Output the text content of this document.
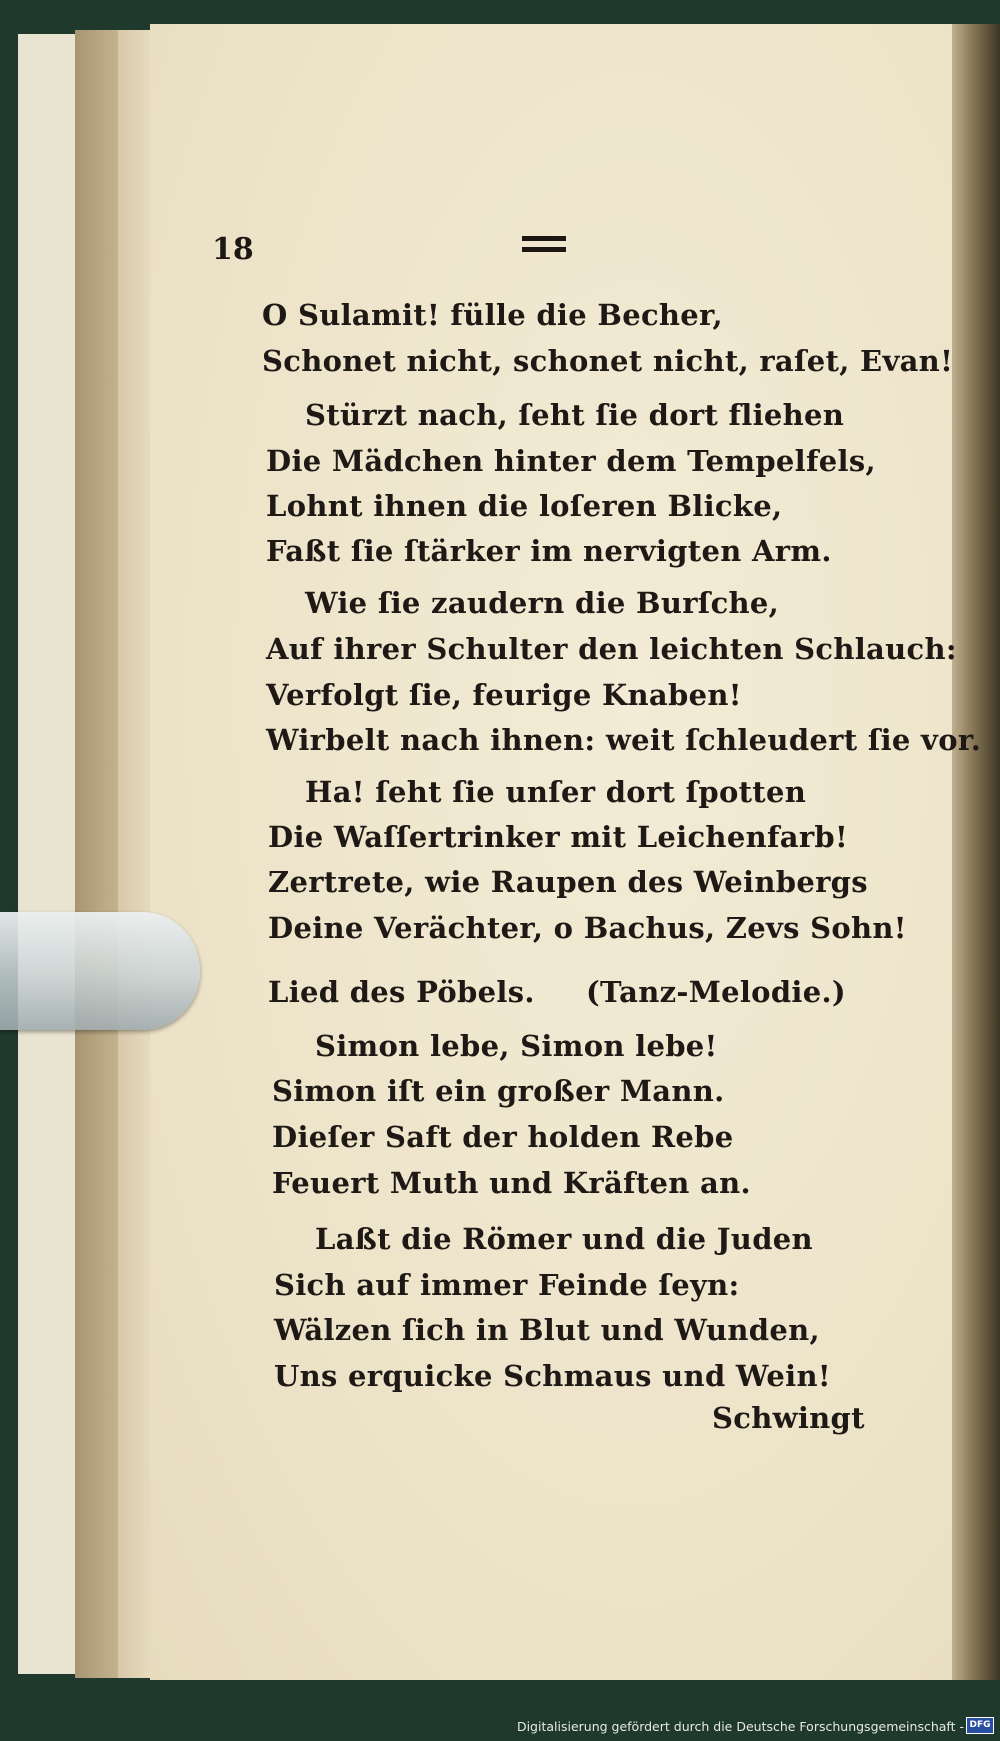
18
O Sulamit! fülle die Becher,
Schonet nicht, schonet nicht, raſet, Evan!
Stürzt nach, ſeht ſie dort fliehen
Die Mädchen hinter dem Tempelfels,
Lohnt ihnen die loſeren Blicke,
Faßt ſie ſtärker im nervigten Arm.
Wie ſie zaudern die Burſche,
Auf ihrer Schulter den leichten Schlauch:
Verfolgt ſie, feurige Knaben!
Wirbelt nach ihnen: weit ſchleudert ſie vor.
Ha! ſeht ſie unſer dort ſpotten
Die Waſſertrinker mit Leichenfarb!
Zertrete, wie Raupen des Weinbergs
Deine Verächter, o Bachus, Zevs Sohn!
Lied des Pöbels. (Tanz-Melodie.)
Simon lebe, Simon lebe!
Simon iſt ein großer Mann.
Dieſer Saft der holden Rebe
Feuert Muth und Kräften an.
Laßt die Römer und die Juden
Sich auf immer Feinde ſeyn:
Wälzen ſich in Blut und Wunden,
Uns erquicke Schmaus und Wein!
Schwingt
Digitalisierung gefördert durch die Deutsche Forschungsgemeinschaft - DFG
